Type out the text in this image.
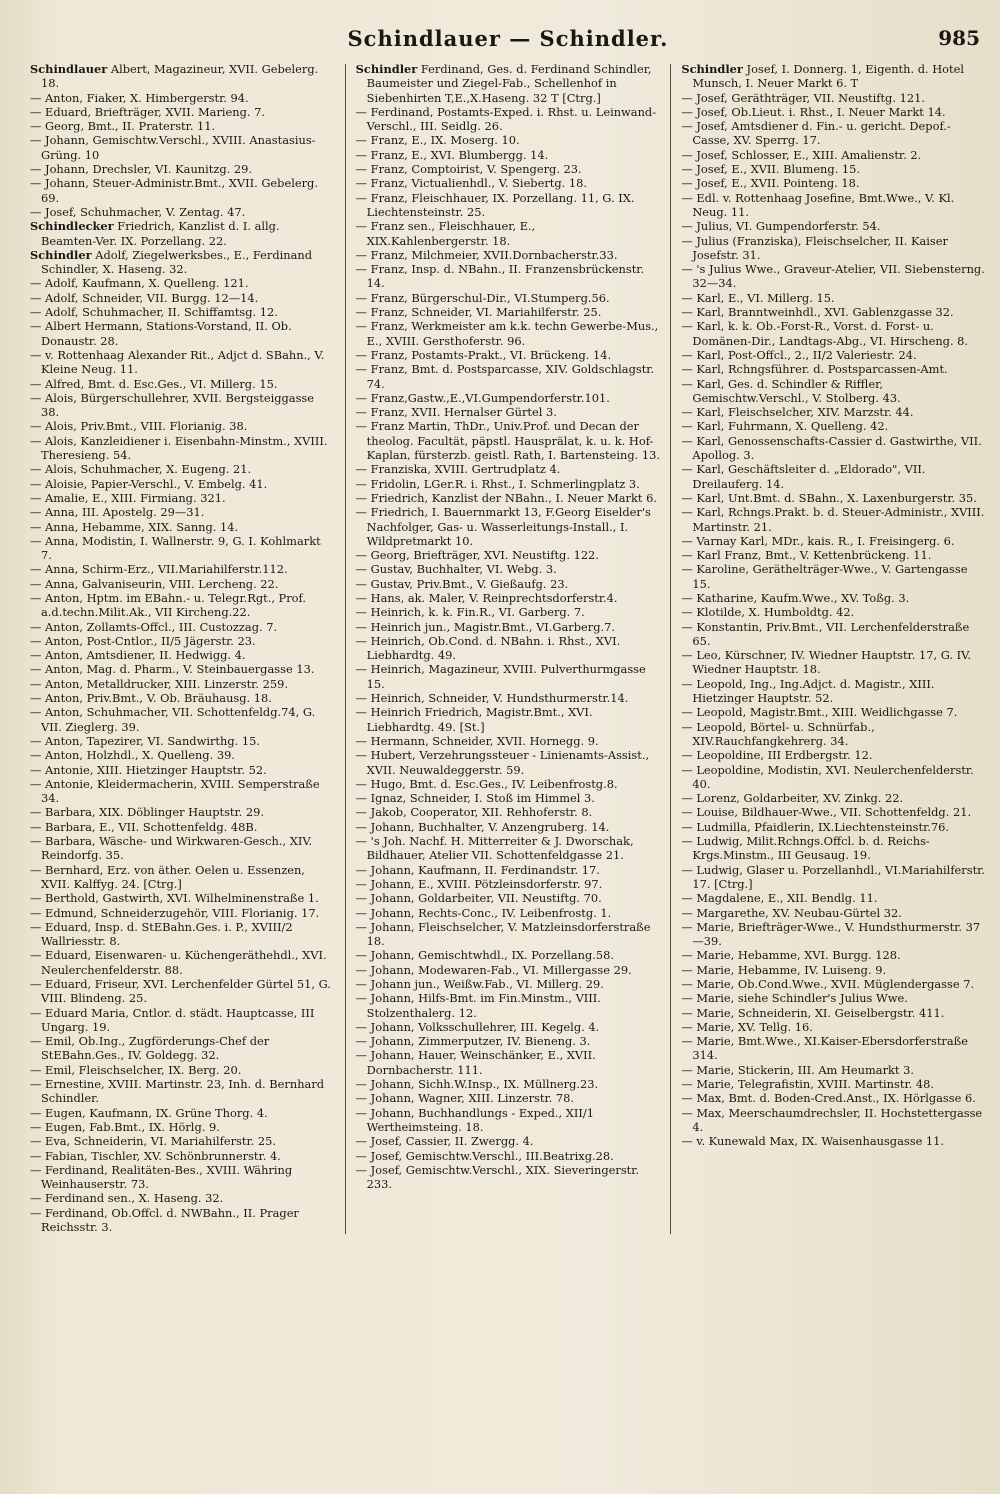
Schindlauer — Schindler.	985
Schindlauer Albert, Magazineur, XVII. Gebelerg. 18.
— Anton, Fiaker, X. Himbergerstr. 94.
— Eduard, Briefträger, XVII. Marieng. 7.
— Georg, Bmt., II. Praterstr. 11.
— Johann, Gemischtw.Verschl., XVIII. Anastasius-Grüng. 10
— Johann, Drechsler, VI. Kaunitzg. 29.
— Johann, Steuer-Administr.Bmt., XVII. Gebelerg. 69.
— Josef, Schuhmacher, V. Zentag. 47.
Schindlecker Friedrich, Kanzlist d. I. allg. Beamten-Ver. IX. Porzellang. 22.
Schindler Adolf, Ziegelwerksbes., E., Ferdinand Schindler, X. Haseng. 32.
— Adolf, Kaufmann, X. Quelleng. 121.
— Adolf, Schneider, VII. Burgg. 12—14.
— Adolf, Schuhmacher, II. Schiffamtsg. 12.
— Albert Hermann, Stations-Vorstand, II. Ob. Donaustr. 28.
— v. Rottenhaag Alexander Rit., Adjct d. SBahn., V. Kleine Neug. 11.
— Alfred, Bmt. d. Esc.Ges., VI. Millerg. 15.
— Alois, Bürgerschullehrer, XVII. Bergsteiggasse 38.
— Alois, Priv.Bmt., VIII. Florianig. 38.
— Alois, Kanzleidiener i. Eisenbahn-Minstm., XVIII. Theresieng. 54.
— Alois, Schuhmacher, X. Eugeng. 21.
— Aloisie, Papier-Verschl., V. Embelg. 41.
— Amalie, E., XIII. Firmiang. 321.
— Anna, III. Apostelg. 29—31.
— Anna, Hebamme, XIX. Sanng. 14.
— Anna, Modistin, I. Wallnerstr. 9, G. I. Kohlmarkt 7.
— Anna, Schirm-Erz., VII.Mariahilferstr.112.
— Anna, Galvaniseurin, VIII. Lercheng. 22.
— Anton, Hptm. im EBahn.- u. Telegr.Rgt., Prof. a.d.techn.Milit.Ak., VII Kircheng.22.
— Anton, Zollamts-Offcl., III. Custozzag. 7.
— Anton, Post-Cntlor., II/5 Jägerstr. 23.
— Anton, Amtsdiener, II. Hedwigg. 4.
— Anton, Mag. d. Pharm., V. Steinbauergasse 13.
— Anton, Metalldrucker, XIII. Linzerstr. 259.
— Anton, Priv.Bmt., V. Ob. Bräuhausg. 18.
— Anton, Schuhmacher, VII. Schottenfeldg.74, G. VII. Zieglerg. 39.
— Anton, Tapezirer, VI. Sandwirthg. 15.
— Anton, Holzhdl., X. Quelleng. 39.
— Antonie, XIII. Hietzinger Hauptstr. 52.
— Antonie, Kleidermacherin, XVIII. Semperstraße 34.
— Barbara, XIX. Döblinger Hauptstr. 29.
— Barbara, E., VII. Schottenfeldg. 48B.
— Barbara, Wäsche- und Wirkwaren-Gesch., XIV. Reindorfg. 35.
— Bernhard, Erz. von äther. Oelen u. Essenzen, XVII. Kalffyg. 24. [Ctrg.]
— Berthold, Gastwirth, XVI. Wilhelminenstraße 1.
— Edmund, Schneiderzugehör, VIII. Florianig. 17.
— Eduard, Insp. d. StEBahn.Ges. i. P., XVIII/2 Wallriesstr. 8.
— Eduard, Eisenwaren- u. Küchengeräthehdl., XVI. Neulerchenfelderstr. 88.
— Eduard, Friseur, XVI. Lerchenfelder Gürtel 51, G. VIII. Blindeng. 25.
— Eduard Maria, Cntlor. d. städt. Hauptcasse, III Ungarg. 19.
— Emil, Ob.Ing., Zugförderungs-Chef der StEBahn.Ges., IV. Goldegg. 32.
— Emil, Fleischselcher, IX. Berg. 20.
— Ernestine, XVIII. Martinstr. 23, Inh. d. Bernhard Schindler.
— Eugen, Kaufmann, IX. Grüne Thorg. 4.
— Eugen, Fab.Bmt., IX. Hörlg. 9.
— Eva, Schneiderin, VI. Mariahilferstr. 25.
— Fabian, Tischler, XV. Schönbrunnerstr. 4.
— Ferdinand, Realitäten-Bes., XVIII. Währing Weinhauserstr. 73.
— Ferdinand sen., X. Haseng. 32.
— Ferdinand, Ob.Offcl. d. NWBahn., II. Prager Reichsstr. 3.
Schindler Ferdinand, Ges. d. Ferdinand Schindler, Baumeister und Ziegel-Fab., Schellenhof in Siebenhirten T,E.,X.Haseng. 32 T [Ctrg.]
— Ferdinand, Postamts-Exped. i. Rhst. u. Leinwand-Verschl., III. Seidlg. 26.
— Franz, E., IX. Moserg. 10.
— Franz, E., XVI. Blumbergg. 14.
— Franz, Comptoirist, V. Spengerg. 23.
— Franz, Victualienhdl., V. Siebertg. 18.
— Franz, Fleischhauer, IX. Porzellang. 11, G. IX. Liechtensteinstr. 25.
— Franz sen., Fleischhauer, E., XIX.Kahlenbergerstr. 18.
— Franz, Milchmeier, XVII.Dornbacherstr.33.
— Franz, Insp. d. NBahn., II. Franzensbrückenstr. 14.
— Franz, Bürgerschul-Dir., VI.Stumperg.56.
— Franz, Schneider, VI. Mariahilferstr. 25.
— Franz, Werkmeister am k.k. techn Gewerbe-Mus., E., XVIII. Gersthoferstr. 96.
— Franz, Postamts-Prakt., VI. Brückeng. 14.
— Franz, Bmt. d. Postsparcasse, XIV. Goldschlagstr. 74.
— Franz,Gastw.,E.,VI.Gumpendorferstr.101.
— Franz, XVII. Hernalser Gürtel 3.
— Franz Martin, ThDr., Univ.Prof. und Decan der theolog. Facultät, päpstl. Hausprälat, k. u. k. Hof-Kaplan, fürsterzb. geistl. Rath, I. Bartensteing. 13.
— Franziska, XVIII. Gertrudplatz 4.
— Fridolin, LGer.R. i. Rhst., I. Schmerlingplatz 3.
— Friedrich, Kanzlist der NBahn., I. Neuer Markt 6.
— Friedrich, I. Bauernmarkt 13, F.Georg Eiselder's Nachfolger, Gas- u. Wasserleitungs-Install., I. Wildpretmarkt 10.
— Georg, Briefträger, XVI. Neustiftg. 122.
— Gustav, Buchhalter, VI. Webg. 3.
— Gustav, Priv.Bmt., V. Gießaufg. 23.
— Hans, ak. Maler, V. Reinprechtsdorferstr.4.
— Heinrich, k. k. Fin.R., VI. Garberg. 7.
— Heinrich jun., Magistr.Bmt., VI.Garberg.7.
— Heinrich, Ob.Cond. d. NBahn. i. Rhst., XVI. Liebhardtg. 49.
— Heinrich, Magazineur, XVIII. Pulverthurmgasse 15.
— Heinrich, Schneider, V. Hundsthurmerstr.14.
— Heinrich Friedrich, Magistr.Bmt., XVI. Liebhardtg. 49. [St.]
— Hermann, Schneider, XVII. Hornegg. 9.
— Hubert, Verzehrungssteuer - Linienamts-Assist., XVII. Neuwaldeggerstr. 59.
— Hugo, Bmt. d. Esc.Ges., IV. Leibenfrostg.8.
— Ignaz, Schneider, I. Stoß im Himmel 3.
— Jakob, Cooperator, XII. Rehhoferstr. 8.
— Johann, Buchhalter, V. Anzengruberg. 14.
— 's Joh. Nachf. H. Mitterreiter & J. Dworschak, Bildhauer, Atelier VII. Schottenfeldgasse 21.
— Johann, Kaufmann, II. Ferdinandstr. 17.
— Johann, E., XVIII. Pötzleinsdorferstr. 97.
— Johann, Goldarbeiter, VII. Neustiftg. 70.
— Johann, Rechts-Conc., IV. Leibenfrostg. 1.
— Johann, Fleischselcher, V. Matzleinsdorferstraße 18.
— Johann, Gemischtwhdl., IX. Porzellang.58.
— Johann, Modewaren-Fab., VI. Millergasse 29.
— Johann jun., Weißw.Fab., VI. Millerg. 29.
— Johann, Hilfs-Bmt. im Fin.Minstm., VIII. Stolzenthalerg. 12.
— Johann, Volksschullehrer, III. Kegelg. 4.
— Johann, Zimmerputzer, IV. Bieneng. 3.
— Johann, Hauer, Weinschänker, E., XVII. Dornbacherstr. 111.
— Johann, Sichh.W.Insp., IX. Müllnerg.23.
— Johann, Wagner, XIII. Linzerstr. 78.
— Johann, Buchhandlungs - Exped., XII/1 Wertheimsteing. 18.
— Josef, Cassier, II. Zwergg. 4.
— Josef, Gemischtw.Verschl., III.Beatrixg.28.
— Josef, Gemischtw.Verschl., XIX. Sieveringerstr. 233.
Schindler Josef, I. Donnerg. 1, Eigenth. d. Hotel Munsch, I. Neuer Markt 6. T
— Josef, Geräthträger, VII. Neustiftg. 121.
— Josef, Ob.Lieut. i. Rhst., I. Neuer Markt 14.
— Josef, Amtsdiener d. Fin.- u. gericht. Depof.-Casse, XV. Sperrg. 17.
— Josef, Schlosser, E., XIII. Amalienstr. 2.
— Josef, E., XVII. Blumeng. 15.
— Josef, E., XVII. Pointeng. 18.
— Edl. v. Rottenhaag Josefine, Bmt.Wwe., V. Kl. Neug. 11.
— Julius, VI. Gumpendorferstr. 54.
— Julius (Franziska), Fleischselcher, II. Kaiser Josefstr. 31.
— 's Julius Wwe., Graveur-Atelier, VII. Siebensterng. 32—34.
— Karl, E., VI. Millerg. 15.
— Karl, Branntweinhdl., XVI. Gablenzgasse 32.
— Karl, k. k. Ob.-Forst-R., Vorst. d. Forst- u. Domänen-Dir., Landtags-Abg., VI. Hirscheng. 8.
— Karl, Post-Offcl., 2., II/2 Valeriestr. 24.
— Karl, Rchngsführer. d. Postsparcassen-Amt.
— Karl, Ges. d. Schindler & Riffler, Gemischtw.Verschl., V. Stolberg. 43.
— Karl, Fleischselcher, XIV. Marzstr. 44.
— Karl, Fuhrmann, X. Quelleng. 42.
— Karl, Genossenschafts-Cassier d. Gastwirthe, VII. Apollog. 3.
— Karl, Geschäftsleiter d. „Eldorado", VII. Dreilauferg. 14.
— Karl, Unt.Bmt. d. SBahn., X. Laxenburgerstr. 35.
— Karl, Rchngs.Prakt. b. d. Steuer-Administr., XVIII. Martinstr. 21.
— Varnay Karl, MDr., kais. R., I. Freisingerg. 6.
— Karl Franz, Bmt., V. Kettenbrückeng. 11.
— Karoline, Geräthelträger-Wwe., V. Gartengasse 15.
— Katharine, Kaufm.Wwe., XV. Toßg. 3.
— Klotilde, X. Humboldtg. 42.
— Konstantin, Priv.Bmt., VII. Lerchenfelderstraße 65.
— Leo, Kürschner, IV. Wiedner Hauptstr. 17, G. IV. Wiedner Hauptstr. 18.
— Leopold, Ing., Ing.Adjct. d. Magistr., XIII. Hietzinger Hauptstr. 52.
— Leopold, Magistr.Bmt., XIII. Weidlichgasse 7.
— Leopold, Börtel- u. Schnürfab., XIV.Rauchfangkehrerg. 34.
— Leopoldine, III Erdbergstr. 12.
— Leopoldine, Modistin, XVI. Neulerchenfelderstr. 40.
— Lorenz, Goldarbeiter, XV. Zinkg. 22.
— Louise, Bildhauer-Wwe., VII. Schottenfeldg. 21.
— Ludmilla, Pfaidlerin, IX.Liechtensteinstr.76.
— Ludwig, Milit.Rchngs.Offcl. b. d. Reichs-Krgs.Minstm., III Geusaug. 19.
— Ludwig, Glaser u. Porzellanhdl., VI.Mariahilferstr. 17. [Ctrg.]
— Magdalene, E., XII. Bendlg. 11.
— Margarethe, XV. Neubau-Gürtel 32.
— Marie, Briefträger-Wwe., V. Hundsthurmerstr. 37—39.
— Marie, Hebamme, XVI. Burgg. 128.
— Marie, Hebamme, IV. Luiseng. 9.
— Marie, Ob.Cond.Wwe., XVII. Müglendergasse 7.
— Marie, siehe Schindler's Julius Wwe.
— Marie, Schneiderin, XI. Geiselbergstr. 411.
— Marie, XV. Tellg. 16.
— Marie, Bmt.Wwe., XI.Kaiser-Ebersdorferstraße 314.
— Marie, Stickerin, III. Am Heumarkt 3.
— Marie, Telegrafistin, XVIII. Martinstr. 48.
— Max, Bmt. d. Boden-Cred.Anst., IX. Hörlgasse 6.
— Max, Meerschaumdrechsler, II. Hochstettergasse 4.
— v. Kunewald Max, IX. Waisenhausgasse 11.
